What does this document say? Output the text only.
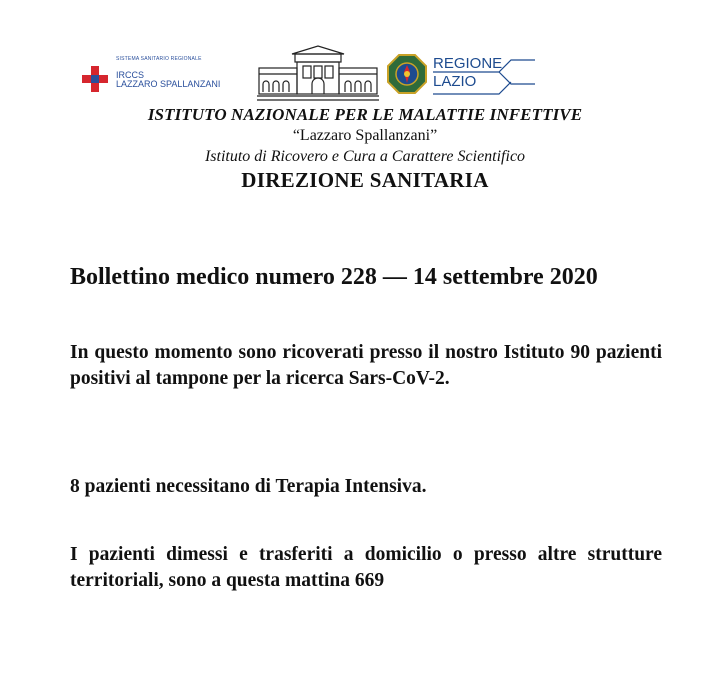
SISTEMA SANITARIO REGIONALE
IRCCS
LAZZARO SPALLANZANI
REGIONE
LAZIO

ISTITUTO NAZIONALE PER LE MALATTIE INFETTIVE

“Lazzaro Spallanzani”

Istituto di Ricovero e Cura a Carattere Scientifico

DIREZIONE SANITARIA

Bollettino medico numero 228 — 14 settembre 2020

In questo momento sono ricoverati presso il nostro Istituto 90 pazienti positivi al tampone per la ricerca Sars-CoV-2.

8 pazienti necessitano di Terapia Intensiva.

I pazienti dimessi e trasferiti a domicilio o presso altre strutture territoriali, sono a questa mattina 669
